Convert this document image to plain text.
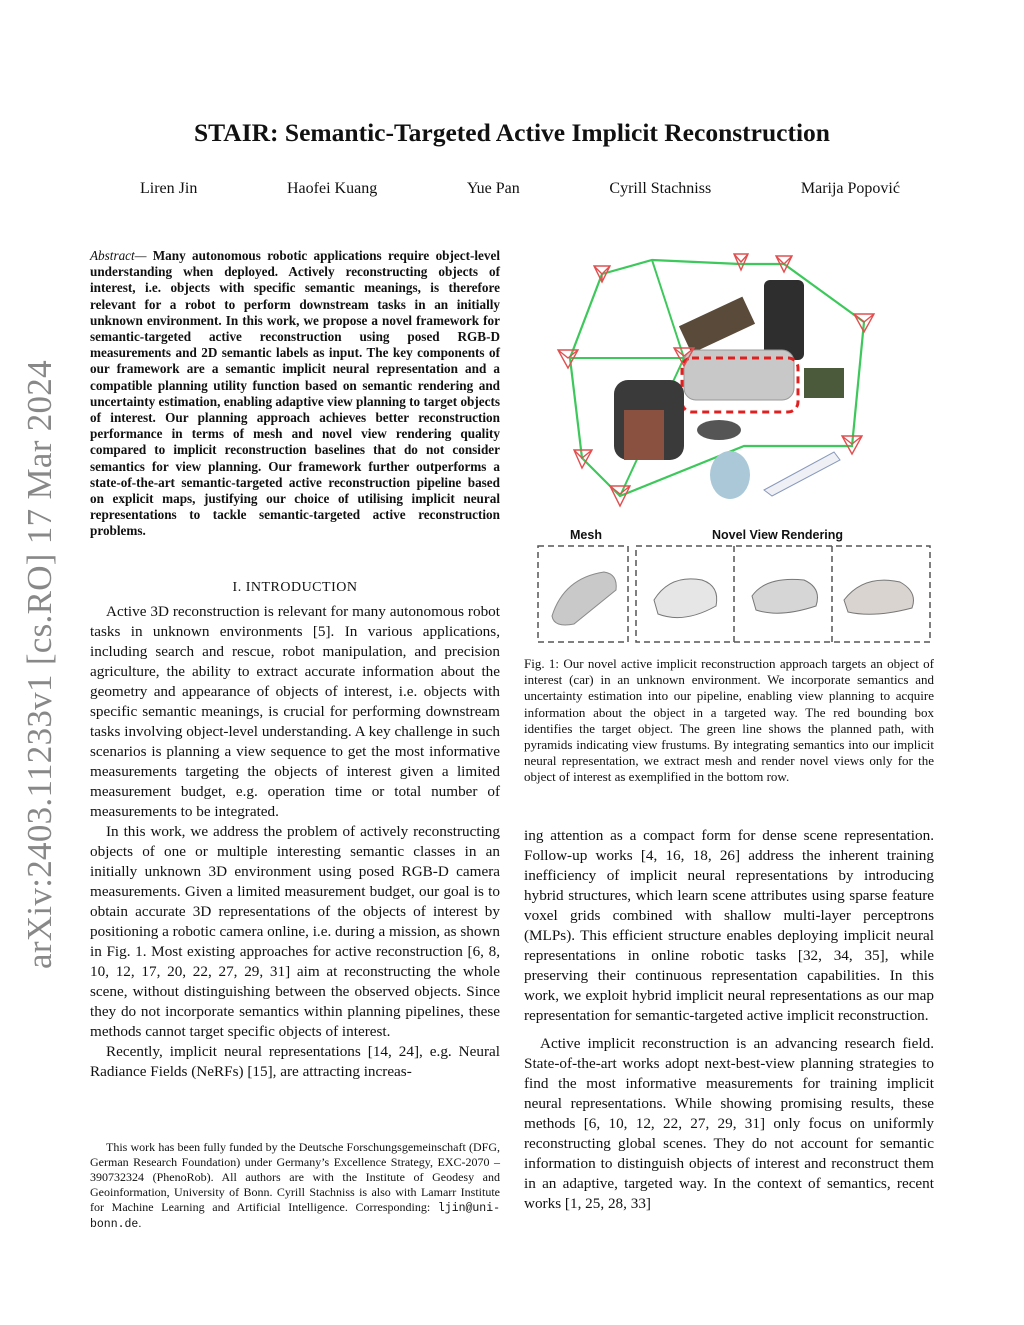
arXiv:2403.11233v1 [cs.RO] 17 Mar 2024
STAIR: Semantic-Targeted Active Implicit Reconstruction
Liren Jin	Haofei Kuang	Yue Pan	Cyrill Stachniss	Marija Popović
Abstract— Many autonomous robotic applications require object-level understanding when deployed. Actively reconstructing objects of interest, i.e. objects with specific semantic meanings, is therefore relevant for a robot to perform downstream tasks in an initially unknown environment. In this work, we propose a novel framework for semantic-targeted active reconstruction using posed RGB-D measurements and 2D semantic labels as input. The key components of our framework are a semantic implicit neural representation and a compatible planning utility function based on semantic rendering and uncertainty estimation, enabling adaptive view planning to target objects of interest. Our planning approach achieves better reconstruction performance in terms of mesh and novel view rendering quality compared to implicit reconstruction baselines that do not consider semantics for view planning. Our framework further outperforms a state-of-the-art semantic-targeted active reconstruction pipeline based on explicit maps, justifying our choice of utilising implicit neural representations to tackle semantic-targeted active reconstruction problems.
I. INTRODUCTION

Active 3D reconstruction is relevant for many autonomous robot tasks in unknown environments [5]. In various applications, including search and rescue, robot manipulation, and precision agriculture, the ability to extract accurate information about the geometry and appearance of objects of interest, i.e. objects with specific semantic meanings, is crucial for performing downstream tasks involving object-level understanding. A key challenge in such scenarios is planning a view sequence to get the most informative measurements targeting the objects of interest given a limited measurement budget, e.g. operation time or total number of measurements to be integrated.

In this work, we address the problem of actively reconstructing objects of one or multiple interesting semantic classes in an initially unknown 3D environment using posed RGB-D camera measurements. Given a limited measurement budget, our goal is to obtain accurate 3D representations of the objects of interest by positioning a robotic camera online, i.e. during a mission, as shown in Fig. 1. Most existing approaches for active reconstruction [6, 8, 10, 12, 17, 20, 22, 27, 29, 31] aim at reconstructing the whole scene, without distinguishing between the observed objects. Since they do not incorporate semantics within planning pipelines, these methods cannot target specific objects of interest.

Recently, implicit neural representations [14, 24], e.g. Neural Radiance Fields (NeRFs) [15], are attracting increas-

This work has been fully funded by the Deutsche Forschungsgemeinschaft (DFG, German Research Foundation) under Germany’s Excellence Strategy, EXC-2070 – 390732324 (PhenoRob). All authors are with the Institute of Geodesy and Geoinformation, University of Bonn. Cyrill Stachniss is also with Lamarr Institute for Machine Learning and Artificial Intelligence. Corresponding: ljin@uni-bonn.de.

Mesh	Novel View Rendering
Fig. 1: Our novel active implicit reconstruction approach targets an object of interest (car) in an unknown environment. We incorporate semantics and uncertainty estimation into our pipeline, enabling view planning to acquire information about the object in a targeted way. The red bounding box identifies the target object. The green line shows the planned path, with pyramids indicating view frustums. By integrating semantics into our implicit neural representation, we extract mesh and render novel views only for the object of interest as exemplified in the bottom row.

ing attention as a compact form for dense scene representation. Follow-up works [4, 16, 18, 26] address the inherent training inefficiency of implicit neural representations by introducing hybrid structures, which learn scene attributes using sparse feature voxel grids combined with shallow multi-layer perceptrons (MLPs). This efficient structure enables deploying implicit neural representations in online robotic tasks [32, 34, 35], while preserving their continuous representation capabilities. In this work, we exploit hybrid implicit neural representations as our map representation for semantic-targeted active implicit reconstruction.

Active implicit reconstruction is an advancing research field. State-of-the-art works adopt next-best-view planning strategies to find the most informative measurements for training implicit neural representations. While showing promising results, these methods [6, 10, 12, 22, 27, 29, 31] only focus on uniformly reconstructing global scenes. They do not account for semantic information to distinguish objects of interest and reconstruct them in an adaptive, targeted way. In the context of semantics, recent works [1, 25, 28, 33]
